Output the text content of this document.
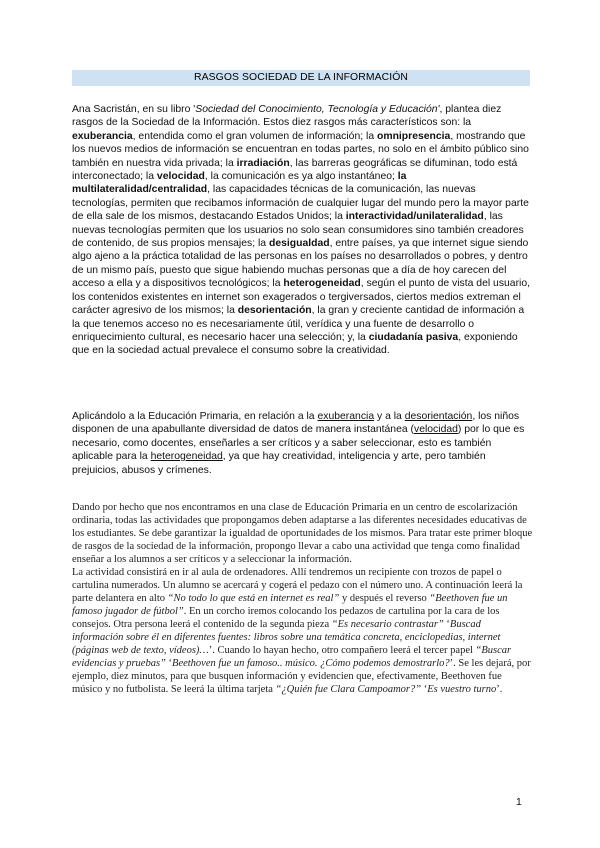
RASGOS SOCIEDAD DE LA INFORMACIÓN

Ana Sacristán, en su libro 'Sociedad del Conocimiento, Tecnología y Educación', plantea diez rasgos de la Sociedad de la Información. Estos diez rasgos más característicos son: la exuberancia, entendida como el gran volumen de información; la omnipresencia, mostrando que los nuevos medios de información se encuentran en todas partes, no solo en el ámbito público sino también en nuestra vida privada; la irradiación, las barreras geográficas se difuminan, todo está interconectado; la velocidad, la comunicación es ya algo instantáneo; la multilateralidad/centralidad, las capacidades técnicas de la comunicación, las nuevas tecnologías, permiten que recibamos información de cualquier lugar del mundo pero la mayor parte de ella sale de los mismos, destacando Estados Unidos; la interactividad/unilateralidad, las nuevas tecnologías permiten que los usuarios no solo sean consumidores sino también creadores de contenido, de sus propios mensajes; la desigualdad, entre países, ya que internet sigue siendo algo ajeno a la práctica totalidad de las personas en los países no desarrollados o pobres, y dentro de un mismo país, puesto que sigue habiendo muchas personas que a día de hoy carecen del acceso a ella y a dispositivos tecnológicos; la heterogeneidad, según el punto de vista del usuario, los contenidos existentes en internet son exagerados o tergiversados, ciertos medios extreman el carácter agresivo de los mismos; la desorientación, la gran y creciente cantidad de información a la que tenemos acceso no es necesariamente útil, verídica y una fuente de desarrollo o enriquecimiento cultural, es necesario hacer una selección; y, la ciudadanía pasiva, exponiendo que en la sociedad actual prevalece el consumo sobre la creatividad.

Aplicándolo a la Educación Primaria, en relación a la exuberancia y a la desorientación, los niños disponen de una apabullante diversidad de datos de manera instantánea (velocidad) por lo que es necesario, como docentes, enseñarles a ser críticos y a saber seleccionar, esto es también aplicable para la heterogeneidad, ya que hay creatividad, inteligencia y arte, pero también prejuicios, abusos y crímenes.

Dando por hecho que nos encontramos en una clase de Educación Primaria en un centro de escolarización ordinaria, todas las actividades que propongamos deben adaptarse a las diferentes necesidades educativas de los estudiantes. Se debe garantizar la igualdad de oportunidades de los mismos. Para tratar este primer bloque de rasgos de la sociedad de la información, propongo llevar a cabo una actividad que tenga como finalidad enseñar a los alumnos a ser críticos y a seleccionar la información.
La actividad consistirá en ir al aula de ordenadores. Allí tendremos un recipiente con trozos de papel o cartulina numerados. Un alumno se acercará y cogerá el pedazo con el número uno. A continuación leerá la parte delantera en alto “No todo lo que está en internet es real” y después el reverso “Beethoven fue un famoso jugador de fútbol”. En un corcho iremos colocando los pedazos de cartulina por la cara de los consejos. Otra persona leerá el contenido de la segunda pieza “Es necesario contrastar” ‘Buscad información sobre él en diferentes fuentes: libros sobre una temática concreta, enciclopedias, internet (páginas web de texto, vídeos)…’. Cuando lo hayan hecho, otro compañero leerá el tercer papel “Buscar evidencias y pruebas” ‘Beethoven fue un famoso.. músico. ¿Cómo podemos demostrarlo?’. Se les dejará, por ejemplo, diez minutos, para que busquen información y evidencien que, efectivamente, Beethoven fue músico y no futbolista. Se leerá la última tarjeta “¿Quién fue Clara Campoamor?” ‘Es vuestro turno’.
1
